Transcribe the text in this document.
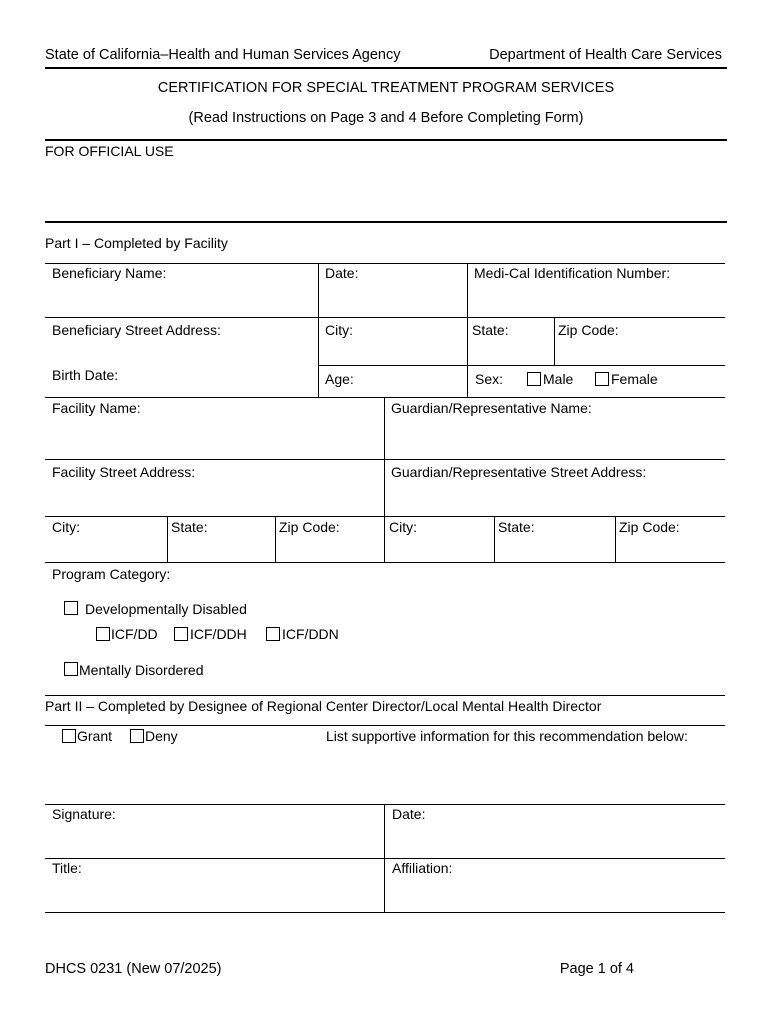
State of California–Health and Human Services Agency	Department of Health Care Services
CERTIFICATION FOR SPECIAL TREATMENT PROGRAM SERVICES
(Read Instructions on Page 3 and 4 Before Completing Form)
FOR OFFICIAL USE
Part I – Completed by Facility
Beneficiary Name:	Date:	Medi-Cal Identification Number:
Beneficiary Street Address:	City:	State:	Zip Code:
Birth Date:	Age:	Sex:	Male	Female
Facility Name:	Guardian/Representative Name:
Facility Street Address:	Guardian/Representative Street Address:
City:	State:	Zip Code:	City:	State:	Zip Code:
Program Category:
Developmentally Disabled
ICF/DD ICF/DDH	ICF/DDN
Mentally Disordered
Part II – Completed by Designee of Regional Center Director/Local Mental Health Director
Grant Deny	List supportive information for this recommendation below:
Signature:	Date:
Title:	Affiliation:
DHCS 0231 (New 07/2025)	Page 1 of 4
